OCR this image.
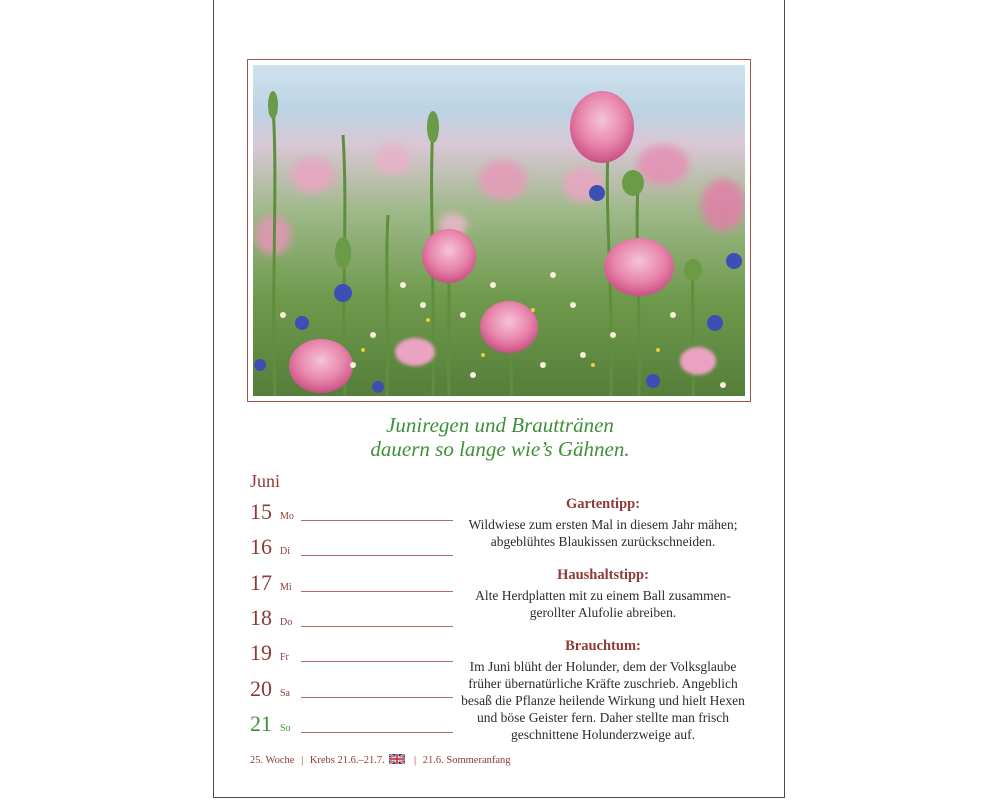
Juniregen und Brauttränen
dauern so lange wie’s Gähnen.
Juni
15 Mo
16 Di
17 Mi
18 Do
19 Fr
20 Sa
21 So
Gartentipp:
Wildwiese zum ersten Mal in diesem Jahr mähen;
abgeblühtes Blaukissen zurückschneiden.
Haushaltstipp:
Alte Herdplatten mit zu einem Ball zusammen-
gerollter Alufolie abreiben.
Brauchtum:
Im Juni blüht der Holunder, dem der Volksglaube
früher übernatürliche Kräfte zuschrieb. Angeblich
besaß die Pflanze heilende Wirkung und hielt Hexen
und böse Geister fern. Daher stellte man frisch
geschnittene Holunderzweige auf.
25. Woche | Krebs 21.6.–21.7.	| 21.6. Sommeranfang
